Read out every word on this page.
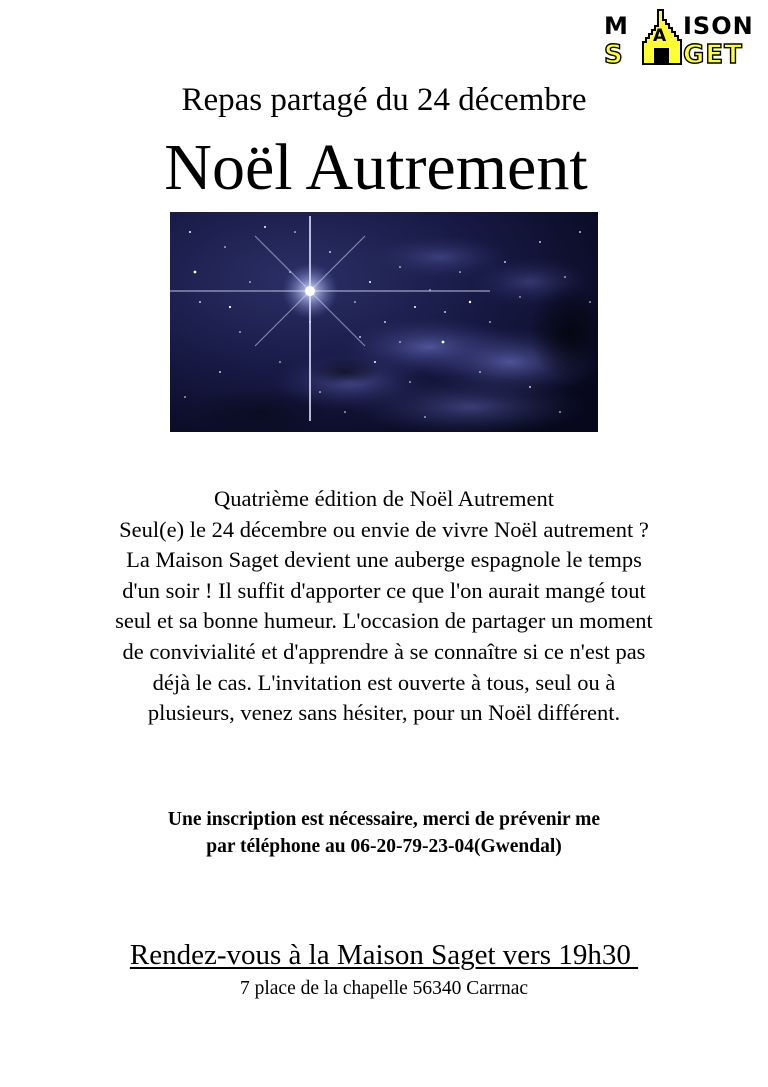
M A ISON
S GET
Repas partagé du 24 décembre
Noël Autrement
Quatrième édition de Noël Autrement
Seul(e) le 24 décembre ou envie de vivre Noël autrement ?
La Maison Saget devient une auberge espagnole le temps
d'un soir ! Il suffit d'apporter ce que l'on aurait mangé tout
seul et sa bonne humeur. L'occasion de partager un moment
de convivialité et d'apprendre à se connaître si ce n'est pas
déjà le cas. L'invitation est ouverte à tous, seul ou à
plusieurs, venez sans hésiter, pour un Noël différent.
Une inscription est nécessaire, merci de prévenir me
par téléphone au 06-20-79-23-04(Gwendal)
Rendez-vous à la Maison Saget vers 19h30
7 place de la chapelle 56340 Carrnac
